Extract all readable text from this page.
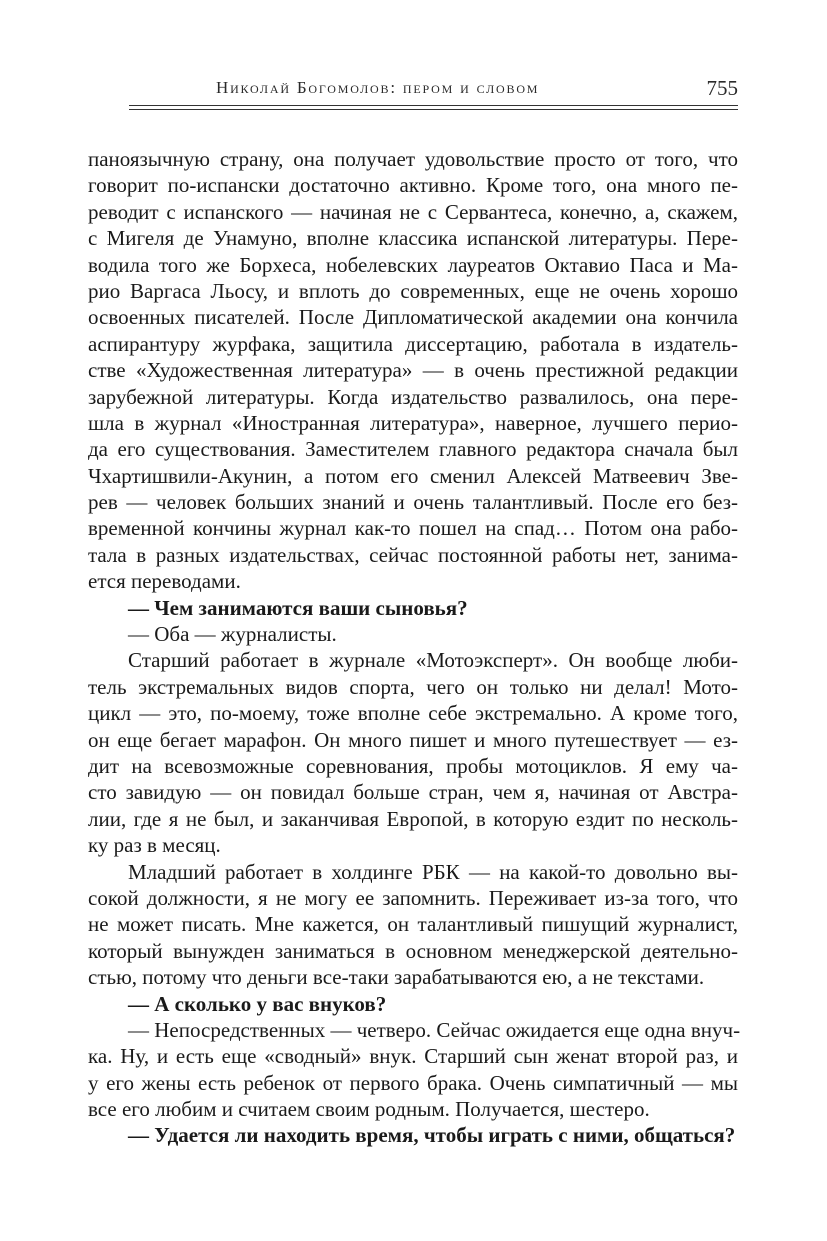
Николай Богомолов: пером и словом	755
паноязычную страну, она получает удовольствие просто от того, что
говорит по-испански достаточно активно. Кроме того, она много пе-
реводит с испанского — начиная не с Сервантеса, конечно, а, скажем,
с Мигеля де Унамуно, вполне классика испанской литературы. Пере-
водила того же Борхеса, нобелевских лауреатов Октавио Паса и Ма-
рио Варгаса Льосу, и вплоть до современных, еще не очень хорошо
освоенных писателей. После Дипломатической академии она кончила
аспирантуру журфака, защитила диссертацию, работала в издатель-
стве «Художественная литература» — в очень престижной редакции
зарубежной литературы. Когда издательство развалилось, она пере-
шла в журнал «Иностранная литература», наверное, лучшего перио-
да его существования. Заместителем главного редактора сначала был
Чхартишвили-Акунин, а потом его сменил Алексей Матвеевич Зве-
рев — человек больших знаний и очень талантливый. После его без-
временной кончины журнал как-то пошел на спад… Потом она рабо-
тала в разных издательствах, сейчас постоянной работы нет, занима-
ется переводами.
— Чем занимаются ваши сыновья?
— Оба — журналисты.
Старший работает в журнале «Мотоэксперт». Он вообще люби-
тель экстремальных видов спорта, чего он только ни делал! Мото-
цикл — это, по-моему, тоже вполне себе экстремально. А кроме того,
он еще бегает марафон. Он много пишет и много путешествует — ез-
дит на всевозможные соревнования, пробы мотоциклов. Я ему ча-
сто завидую — он повидал больше стран, чем я, начиная от Австра-
лии, где я не был, и заканчивая Европой, в которую ездит по несколь-
ку раз в месяц.
Младший работает в холдинге РБК — на какой-то довольно вы-
сокой должности, я не могу ее запомнить. Переживает из-за того, что
не может писать. Мне кажется, он талантливый пишущий журналист,
который вынужден заниматься в основном менеджерской деятельно-
стью, потому что деньги все-таки зарабатываются ею, а не текстами.
— А сколько у вас внуков?
— Непосредственных — четверо. Сейчас ожидается еще одна внуч-
ка. Ну, и есть еще «сводный» внук. Старший сын женат второй раз, и
у его жены есть ребенок от первого брака. Очень симпатичный — мы
все его любим и считаем своим родным. Получается, шестеро.
— Удается ли находить время, чтобы играть с ними, общаться?
